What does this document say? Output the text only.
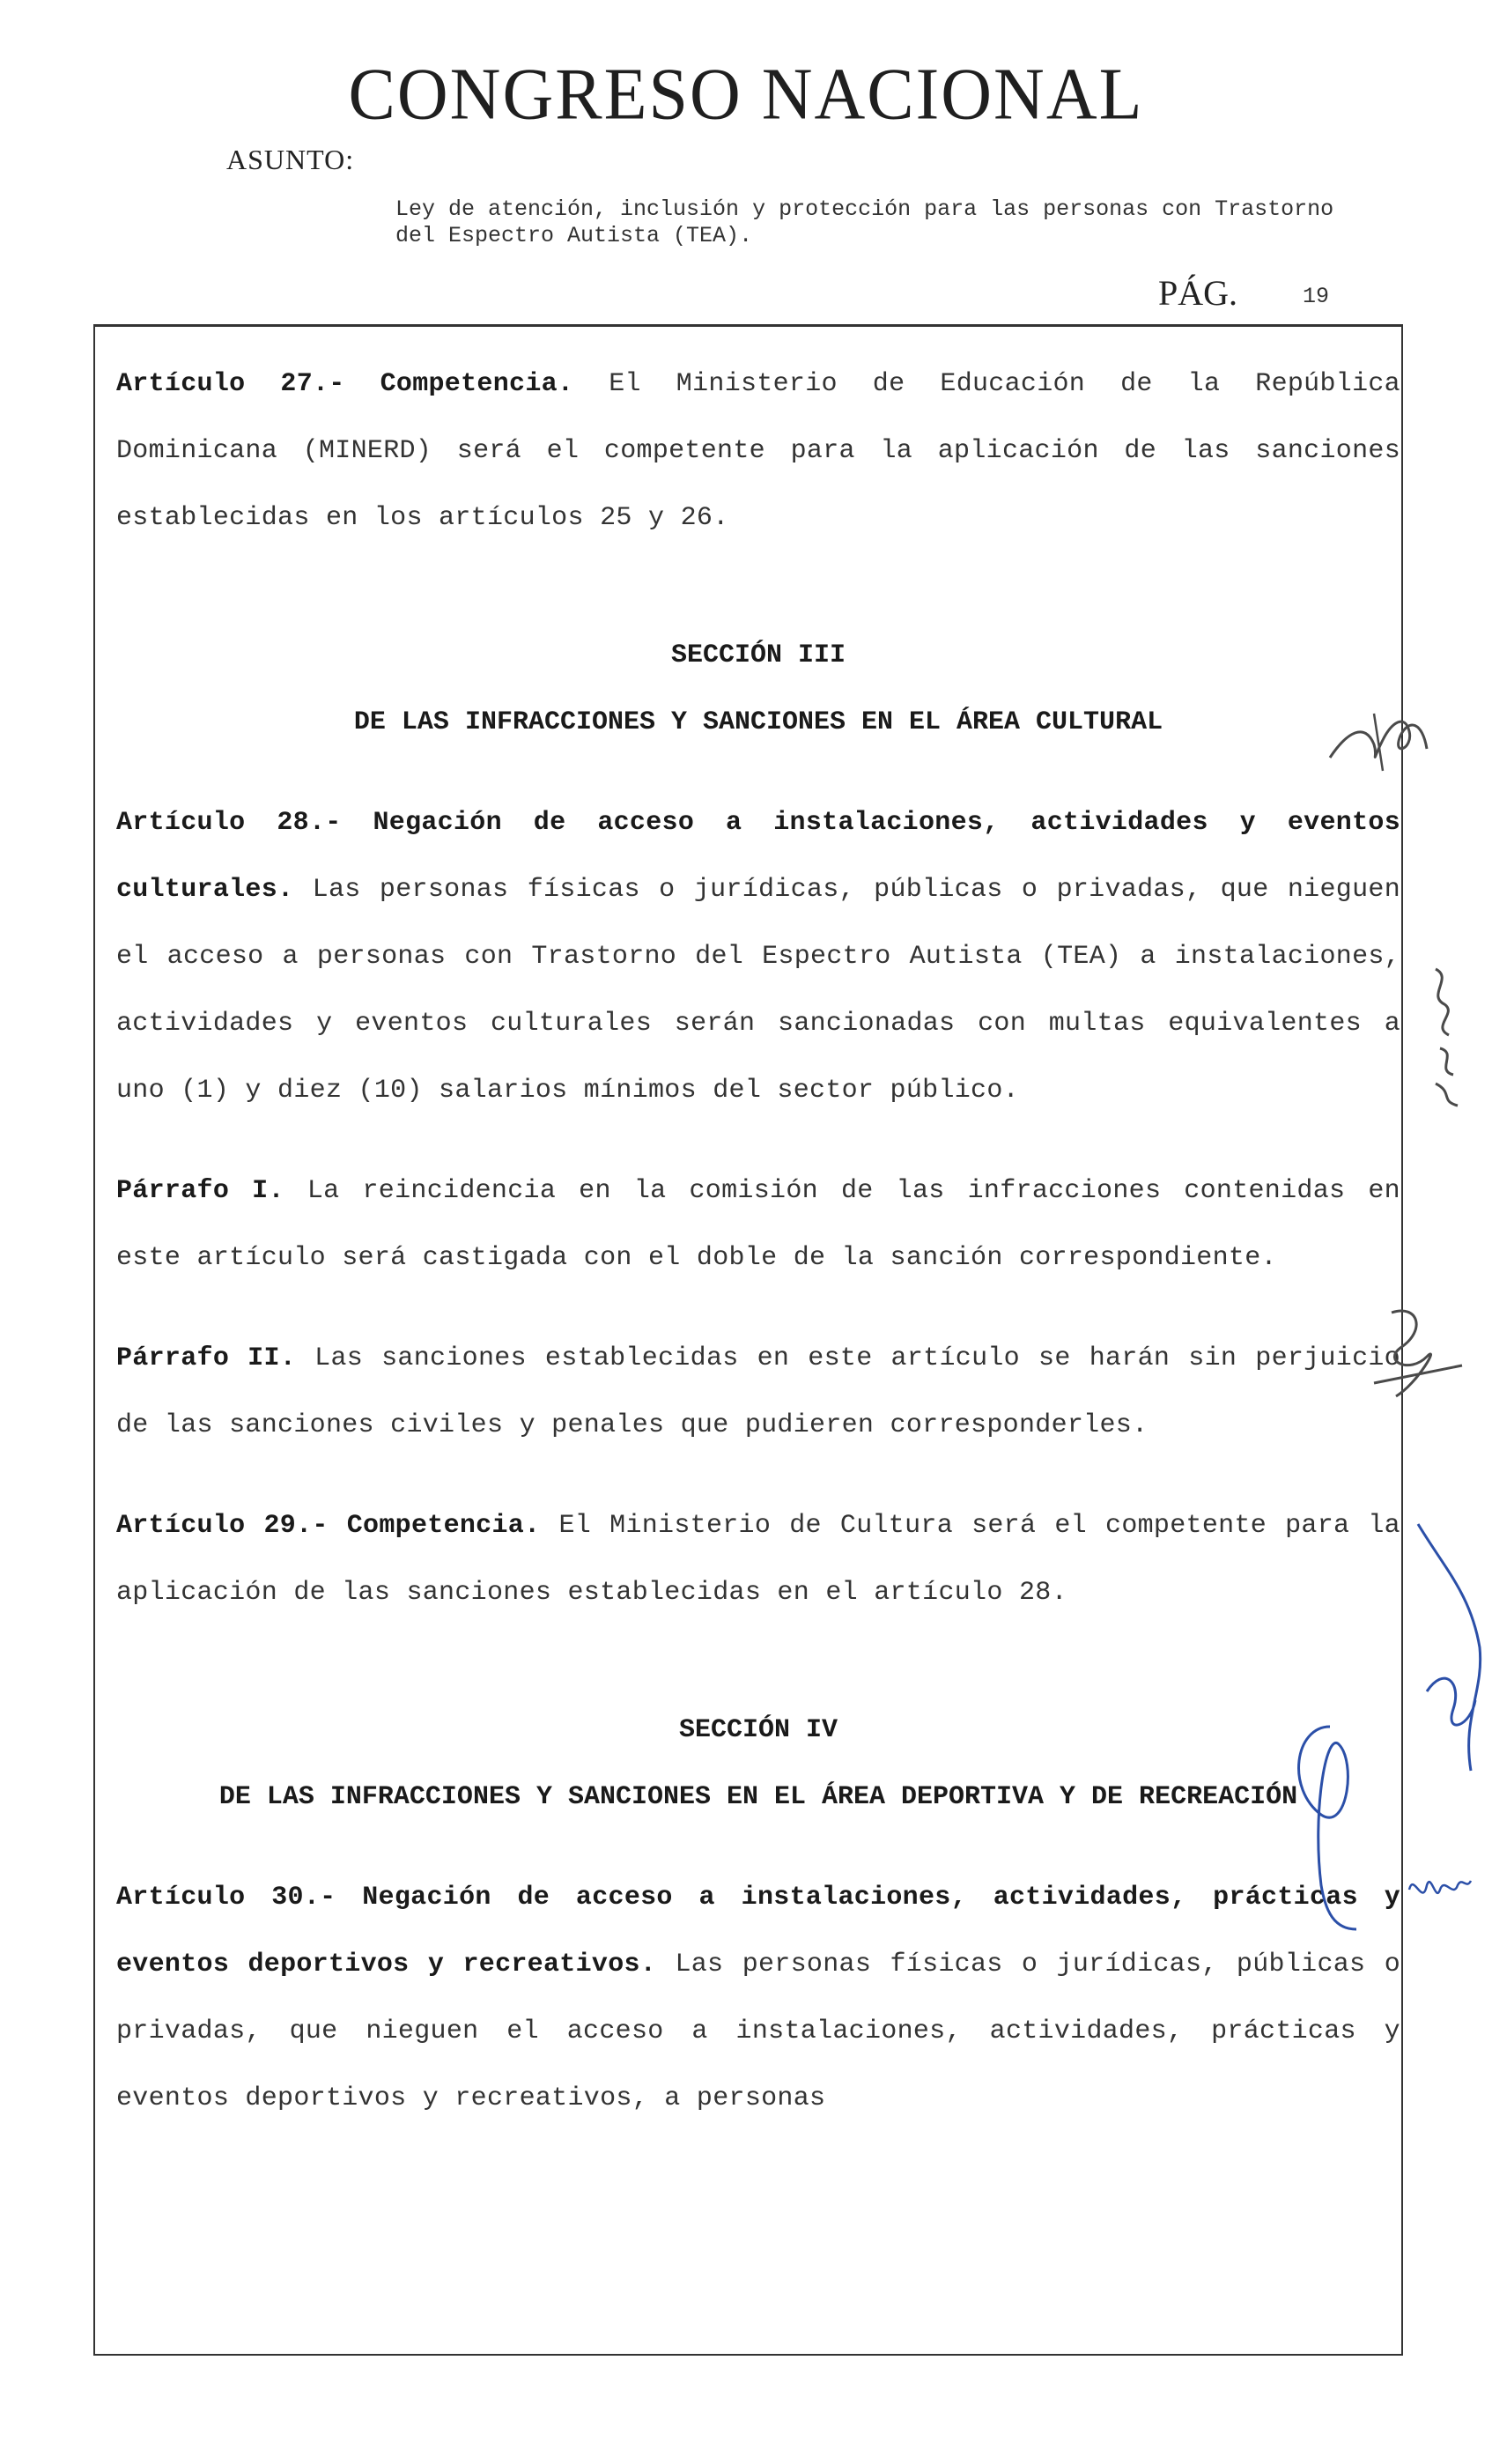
CONGRESO NACIONAL
ASUNTO:
Ley de atención, inclusión y protección para las personas con Trastorno del Espectro Autista (TEA).
PÁG.	19

Artículo 27.- Competencia. El Ministerio de Educación de la República Dominicana (MINERD) será el competente para la aplicación de las sanciones establecidas en los artículos 25 y 26.

SECCIÓN III

DE LAS INFRACCIONES Y SANCIONES EN EL ÁREA CULTURAL

Artículo 28.- Negación de acceso a instalaciones, actividades y eventos culturales. Las personas físicas o jurídicas, públicas o privadas, que nieguen el acceso a personas con Trastorno del Espectro Autista (TEA) a instalaciones, actividades y eventos culturales serán sancionadas con multas equivalentes a uno (1) y diez (10) salarios mínimos del sector público.

Párrafo I. La reincidencia en la comisión de las infracciones contenidas en este artículo será castigada con el doble de la sanción correspondiente.

Párrafo II. Las sanciones establecidas en este artículo se harán sin perjuicio de las sanciones civiles y penales que pudieren corresponderles.

Artículo 29.- Competencia. El Ministerio de Cultura será el competente para la aplicación de las sanciones establecidas en el artículo 28.

SECCIÓN IV

DE LAS INFRACCIONES Y SANCIONES EN EL ÁREA DEPORTIVA Y DE RECREACIÓN

Artículo 30.- Negación de acceso a instalaciones, actividades, prácticas y eventos deportivos y recreativos. Las personas físicas o jurídicas, públicas o privadas, que nieguen el acceso a instalaciones, actividades, prácticas y eventos deportivos y recreativos, a personas
